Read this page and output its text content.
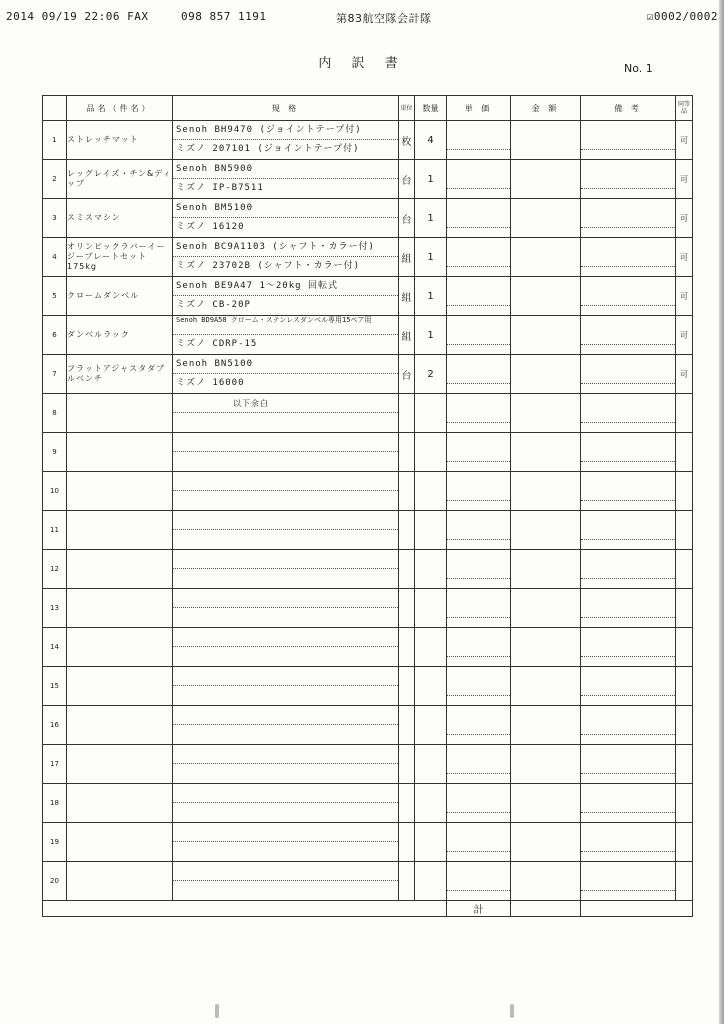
2014 09/19 22:06 FAX	098 857 1191	第83航空隊会計隊	☑0002/0002
内 訳 書	No. 1
	品名（件名）	規 格	単位	数量	単 価	金 額	備 考	同等品
1	ストレッチマット	Senoh BH9470 (ジョイントテープ付)
ミズノ 207101 (ジョイントテープ付)	枚	4				可
2	レッグレイズ・チン&ディップ	Senoh BN5900
ミズノ IP-B7511	台	1				可
3	スミスマシン	Senoh BM5100
ミズノ 16120	台	1				可
4	オリンピックラバーイージープレートセット 175kg	Senoh BC9A1103 (シャフト・カラー付)
ミズノ 23702B (シャフト・カラー付)	組	1				可
5	クロームダンベル	Senoh BE9A47 1〜20kg 回転式
ミズノ CB-20P	組	1				可
6	ダンベルラック	Senoh BD9A58 クローム・ステンレスダンベル専用15ペア用
ミズノ CDRP-15	組	1				可
7	フラットアジャスタダブルベンチ	Senoh BN5100
ミズノ 16000	台	2				可
8		以下余白						

9		

10		

11		

12		

13		

14		

15		

16		

17		

18		

19		

20		

					計			
